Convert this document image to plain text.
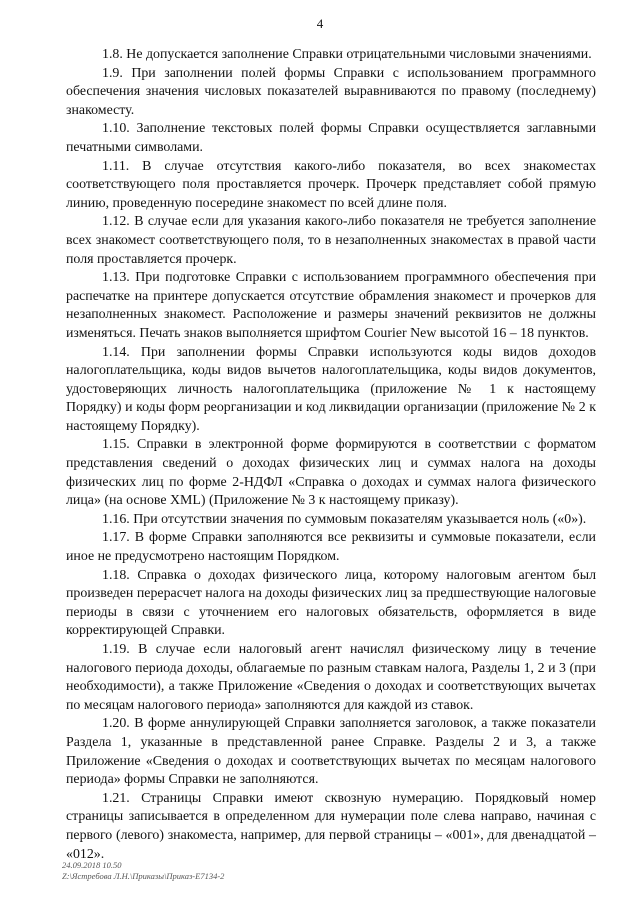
4

1.8. Не допускается заполнение Справки отрицательными числовыми значениями.

1.9. При заполнении полей формы Справки с использованием программного обеспечения значения числовых показателей выравниваются по правому (последнему) знакоместу.

1.10. Заполнение текстовых полей формы Справки осуществляется заглавными печатными символами.

1.11. В случае отсутствия какого-либо показателя, во всех знакоместах соответствующего поля проставляется прочерк. Прочерк представляет собой прямую линию, проведенную посередине знакомест по всей длине поля.

1.12. В случае если для указания какого-либо показателя не требуется заполнение всех знакомест соответствующего поля, то в незаполненных знакоместах в правой части поля проставляется прочерк.

1.13. При подготовке Справки с использованием программного обеспечения при распечатке на принтере допускается отсутствие обрамления знакомест и прочерков для незаполненных знакомест. Расположение и размеры значений реквизитов не должны изменяться. Печать знаков выполняется шрифтом Courier New высотой 16 – 18 пунктов.

1.14. При заполнении формы Справки используются коды видов доходов налогоплательщика, коды видов вычетов налогоплательщика, коды видов документов, удостоверяющих личность налогоплательщика (приложение № 1 к настоящему Порядку) и коды форм реорганизации и код ликвидации организации (приложение № 2 к настоящему Порядку).

1.15. Справки в электронной форме формируются в соответствии с форматом представления сведений о доходах физических лиц и суммах налога на доходы физических лиц по форме 2-НДФЛ «Справка о доходах и суммах налога физического лица» (на основе XML) (Приложение № 3 к настоящему приказу).

1.16. При отсутствии значения по суммовым показателям указывается ноль («0»).

1.17. В форме Справки заполняются все реквизиты и суммовые показатели, если иное не предусмотрено настоящим Порядком.

1.18. Справка о доходах физического лица, которому налоговым агентом был произведен перерасчет налога на доходы физических лиц за предшествующие налоговые периоды в связи с уточнением его налоговых обязательств, оформляется в виде корректирующей Справки.

1.19. В случае если налоговый агент начислял физическому лицу в течение налогового периода доходы, облагаемые по разным ставкам налога, Разделы 1, 2 и 3 (при необходимости), а также Приложение «Сведения о доходах и соответствующих вычетах по месяцам налогового периода» заполняются для каждой из ставок.

1.20. В форме аннулирующей Справки заполняется заголовок, а также показатели Раздела 1, указанные в представленной ранее Справке. Разделы 2 и 3, а также Приложение «Сведения о доходах и соответствующих вычетах по месяцам налогового периода» формы Справки не заполняются.

1.21. Страницы Справки имеют сквозную нумерацию. Порядковый номер страницы записывается в определенном для нумерации поле слева направо, начиная с первого (левого) знакоместа, например, для первой страницы – «001», для двенадцатой – «012».

24.09.2018 10.50
Z:\Ястребова Л.Н.\Приказы\Приказ-Е7134-2
